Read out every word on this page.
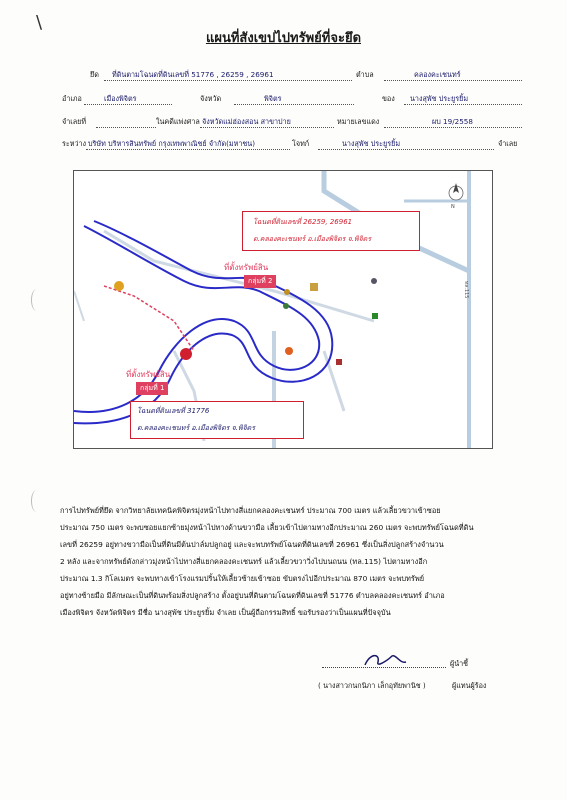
\
แผนที่สังเขปไปทรัพย์ที่จะยึด
ยึด ที่ดินตามโฉนดที่ดินเลขที่ 51776 , 26259 , 26961	ตำบล	คลองคะเชนทร์
อำเภอ	เมืองพิจิตร	จังหวัด	พิจิตร	ของ นางสุพัช ประยูรยิ้ม
จำเลยที่	ในคดีแพ่งศาล จังหวัดแม่ฮ่องสอน สาขาปาย	หมายเลขแดง	ผบ 19/2558
ระหว่าง บริษัท บริหารสินทรัพย์ กรุงเทพพาณิชย์ จำกัด(มหาชน)	โจทก์	นางสุพัช ประยูรยิ้ม	จำเลย
N
โฉนดที่ดินเลขที่ 26259, 26961
ต.คลองคะเชนทร์ อ.เมืองพิจิตร จ.พิจิตร
ที่ตั้งทรัพย์สิน
กลุ่มที่ 2
ที่ตั้งทรัพย์สิน
กลุ่มที่ 1
โฉนดที่ดินเลขที่ 31776
ต.คลองคะเชนทร์ อ.เมืองพิจิตร จ.พิจิตร
ทล.115
การไปทรัพย์ที่ยึด จากวิทยาลัยเทคนิคพิจิตรมุ่งหน้าไปทางสี่แยกคลองคะเชนทร์ ประมาณ 700 เมตร แล้วเลี้ยวขวาเข้าซอย
ประมาณ 750 เมตร จะพบซอยแยกซ้ายมุ่งหน้าไปทางด้านขวามือ เลี้ยวเข้าไปตามทางอีกประมาณ 260 เมตร จะพบทรัพย์โฉนดที่ดิน
เลขที่ 26259 อยู่ทางขวามือเป็นที่ดินมีต้นปาล์มปลูกอยู่ และจะพบทรัพย์โฉนดที่ดินเลขที่ 26961 ซึ่งเป็นสิ่งปลูกสร้างจำนวน
2 หลัง และจากทรัพย์ดังกล่าวมุ่งหน้าไปทางสี่แยกคลองคะเชนทร์ แล้วเลี้ยวขวาวิ่งไปบนถนน (ทล.115) ไปตามทางอีก
ประมาณ 1.3 กิโลเมตร จะพบทางเข้าโรงแรมปริ้นให้เลี้ยวซ้ายเข้าซอย ขับตรงไปอีกประมาณ 870 เมตร จะพบทรัพย์
อยู่ทางซ้ายมือ มีลักษณะเป็นที่ดินพร้อมสิ่งปลูกสร้าง ตั้งอยู่บนที่ดินตามโฉนดที่ดินเลขที่ 51776 ตำบลคลองคะเชนทร์ อำเภอ
เมืองพิจิตร จังหวัดพิจิตร มีชื่อ นางสุพัช ประยูรยิ้ม จำเลย เป็นผู้ถือกรรมสิทธิ์ ขอรับรองว่าเป็นแผนที่ปัจจุบัน
ผู้นำชี้
( นางสาวกนกนิภา เล็กอุทัยพานิช )	ผู้แทนผู้ร้อง
